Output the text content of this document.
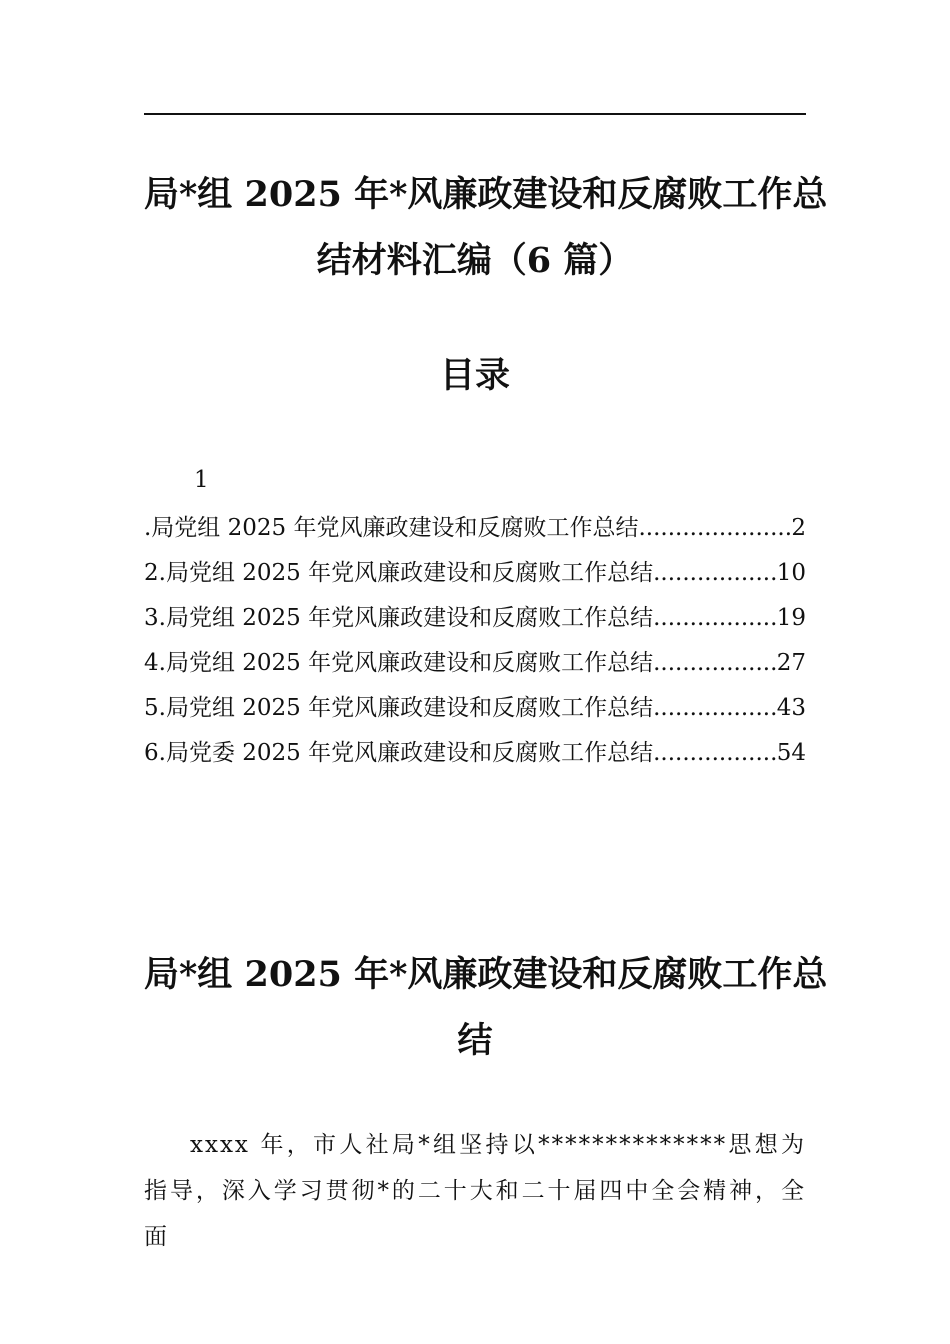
局*组 2025 年*风廉政建设和反腐败工作总
结材料汇编（6 篇）
目录
1
.局党组 2025 年党风廉政建设和反腐败工作总结 .....	2
2.局党组 2025 年党风廉政建设和反腐败工作总结 .....	10
3.局党组 2025 年党风廉政建设和反腐败工作总结 .....	19
4.局党组 2025 年党风廉政建设和反腐败工作总结 .....	27
5.局党组 2025 年党风廉政建设和反腐败工作总结 .....	43
6.局党委 2025 年党风廉政建设和反腐败工作总结 .....	54
局*组 2025 年*风廉政建设和反腐败工作总
结

xxxx 年，市人社局*组坚持以**************思想为指导，深入学习贯彻*的二十大和二十届四中全会精神，全面
